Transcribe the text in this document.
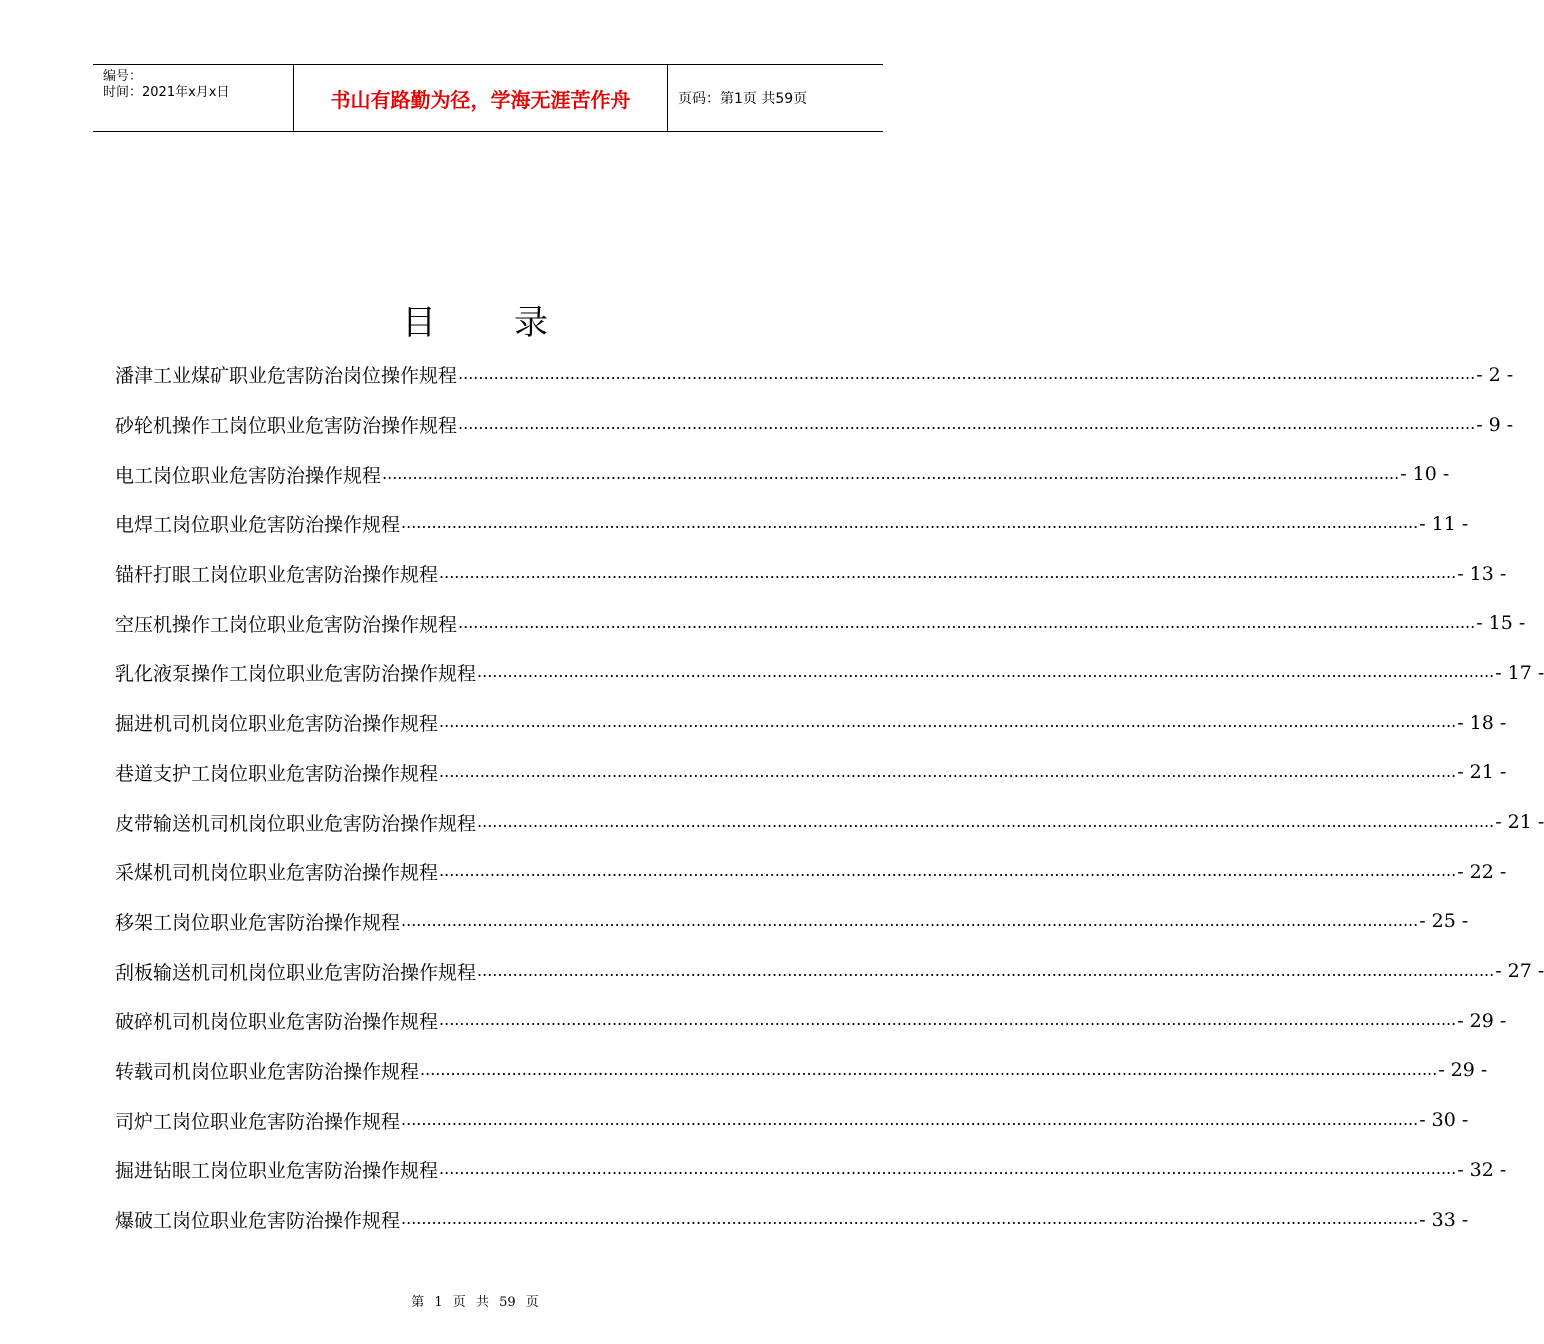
编号：
时间：2021年x月x日	书山有路勤为径，学海无涯苦作舟	页码：第1页 共59页
目 录
潘津工业煤矿职业危害防治岗位操作规程 ........................................................................................................................................................................................................ - 2 -
砂轮机操作工岗位职业危害防治操作规程 ........................................................................................................................................................................................................ - 9 -
电工岗位职业危害防治操作规程 ........................................................................................................................................................................................................ - 10 -
电焊工岗位职业危害防治操作规程 ........................................................................................................................................................................................................ - 11 -
锚杆打眼工岗位职业危害防治操作规程 ........................................................................................................................................................................................................ - 13 -
空压机操作工岗位职业危害防治操作规程 ........................................................................................................................................................................................................ - 15 -
乳化液泵操作工岗位职业危害防治操作规程 ........................................................................................................................................................................................................ - 17 -
掘进机司机岗位职业危害防治操作规程 ........................................................................................................................................................................................................ - 18 -
巷道支护工岗位职业危害防治操作规程 ........................................................................................................................................................................................................ - 21 -
皮带输送机司机岗位职业危害防治操作规程 ........................................................................................................................................................................................................ - 21 -
采煤机司机岗位职业危害防治操作规程 ........................................................................................................................................................................................................ - 22 -
移架工岗位职业危害防治操作规程 ........................................................................................................................................................................................................ - 25 -
刮板输送机司机岗位职业危害防治操作规程 ........................................................................................................................................................................................................ - 27 -
破碎机司机岗位职业危害防治操作规程 ........................................................................................................................................................................................................ - 29 -
转载司机岗位职业危害防治操作规程 ........................................................................................................................................................................................................ - 29 -
司炉工岗位职业危害防治操作规程 ........................................................................................................................................................................................................ - 30 -
掘进钻眼工岗位职业危害防治操作规程 ........................................................................................................................................................................................................ - 32 -
爆破工岗位职业危害防治操作规程 ........................................................................................................................................................................................................ - 33 -
第 1 页 共 59 页
